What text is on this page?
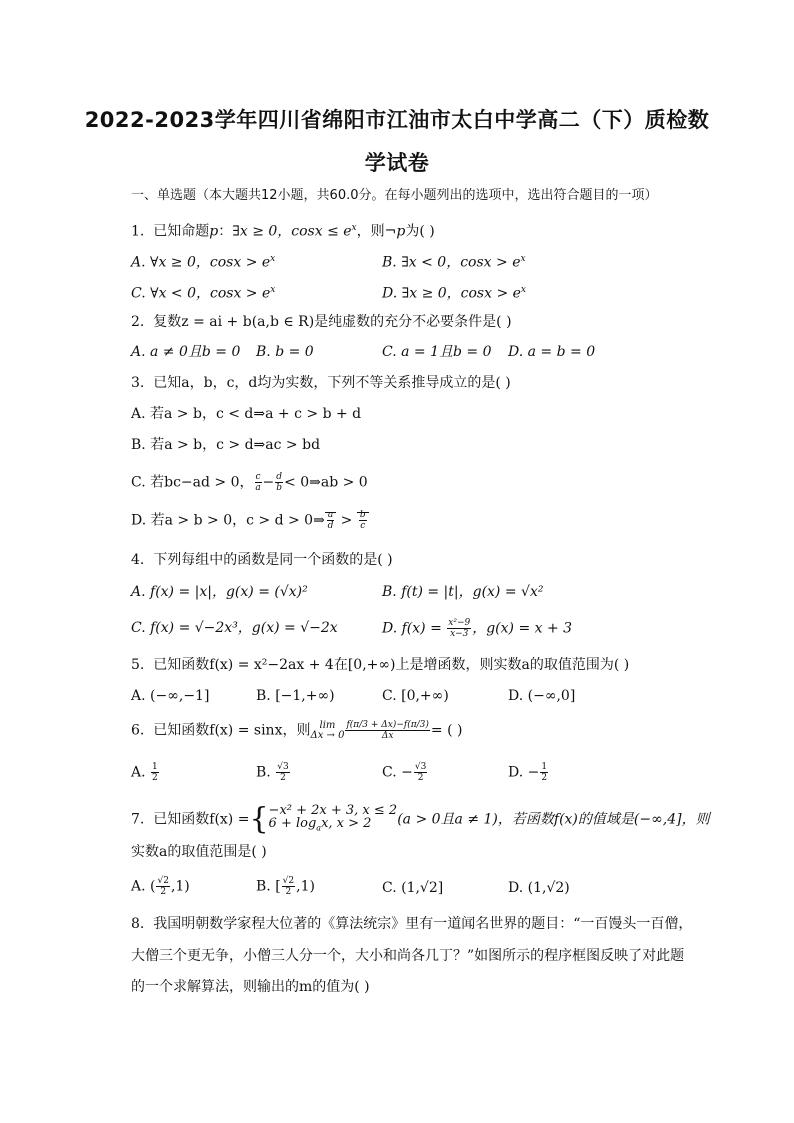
2022-2023学年四川省绵阳市江油市太白中学高二（下）质检数
学试卷
一、单选题（本大题共12小题，共60.0分。在每小题列出的选项中，选出符合题目的一项）
1. 已知命题p：∃x ≥ 0，$\cos x \le e^x$，则¬p为( )
A. ∀x ≥ 0，$\cos x > e^x$	B. ∃x < 0，$\cos x > e^x$
C. ∀x < 0，$\cos x > e^x$	D. ∃x ≥ 0，$\cos x > e^x$
2. 复数z = ai + b(a,b ∈ R)是纯虚数的充分不必要条件是( )
A. a ≠ 0且b = 0 B. b = 0	C. a = 1且b = 0 D. a = b = 0
3. 已知a，b，c，d均为实数，下列不等关系推导成立的是( )
A. 若a > b，c < d⇒a + c > b + d
B. 若a > b，c > d⇒ac > bd
C. 若bc−ad > 0， $\frac{c}{a} - \frac{d}{b}$ < 0⇒ab > 0
D. 若a > b > 0，c > d > 0⇒ $\frac{a}{d} > \frac{b}{c}$
4. 下列每组中的函数是同一个函数的是( )
A. f(x) = |x|，g(x) = (√x)²	B. f(t) = |t|，g(x) = √x²
C. f(x) = √−2x³，g(x) = √−2x	D. $f(x) = \frac{\text{x²−9}}{x-3}$ ，g(x) = x + 3
5. 已知函数f(x) = x²−2ax + 4在[0,+∞)上是增函数，则实数a的取值范围为( )
A. (−∞,−1]	B. [−1,+∞)	C. [0,+∞)	D. (−∞,0]
6. 已知函数f(x) = sinx，则 lim
$\Delta x \to 0 \frac{f(\pi/3 + \Delta x)-f(\pi/3)}{\Delta x}$ = ( )
A. $\frac{1}{2}$	B. $\frac{√3}{2}$	C. − $\frac{√3}{2}$	D. − $\frac{1}{2}$
7. 已知函数f(x) ={ −x² + 2x + 3, x ≤ 2
$6 + \log_ax$, x > 2	(a > 0且a ≠ 1)，若函数f(x)的值域是(−∞,4]，则
实数a的取值范围是( )
A. ( $\frac{√2}{2} ,1$)	B. [ $\frac{√2}{2} ,1$)	C. (1,√2]	D. (1,√2)
8. 我国明朝数学家程大位著的《算法统宗》里有一道闻名世界的题目：“一百馒头一百僧，
大僧三个更无争，小僧三人分一个，大小和尚各几丁？”如图所示的程序框图反映了对此题
的一个求解算法，则输出的m的值为( )
